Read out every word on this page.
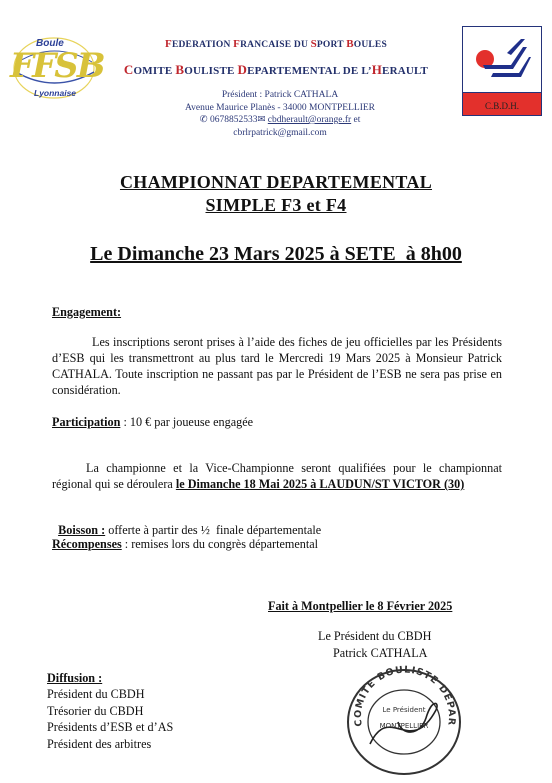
Boule
FFSB
Lyonnaise
C.B.D.H.
FEDERATION FRANCAISE DU SPORT BOULES
COMITE BOULISTE DEPARTEMENTAL DE L’HERAULT
Président : Patrick CATHALA
Avenue Maurice Planès - 34000 MONTPELLIER
✆ 0678852533✉ cbdherault@orange.fr et
cbrlrpatrick@gmail.com
CHAMPIONNAT DEPARTEMENTAL
SIMPLE F3 et F4
Le Dimanche 23 Mars 2025 à SETE  à 8h00
Engagement:
Les inscriptions seront prises à l’aide des fiches de jeu officielles par les Présidents d’ESB qui les transmettront au plus tard le Mercredi 19 Mars 2025 à Monsieur Patrick CATHALA. Toute inscription ne passant pas par le Président de l’ESB ne sera pas prise en considération.
Participation : 10 € par joueuse engagée
La championne et la Vice-Championne seront qualifiées pour le championnat régional qui se déroulera le Dimanche 18 Mai 2025 à LAUDUN/ST VICTOR (30)

Boisson : offerte à partir des ½  finale départementale

Récompenses : remises lors du congrès départemental
Fait à Montpellier le 8 Février 2025
Le Président du CBDH
Patrick CATHALA
COMITE BOULISTE DEPAR
Le Président
MONTPELLIER
Diffusion :
Président du CBDH
Trésorier du CBDH
Présidents d’ESB et d’AS
Président des arbitres
